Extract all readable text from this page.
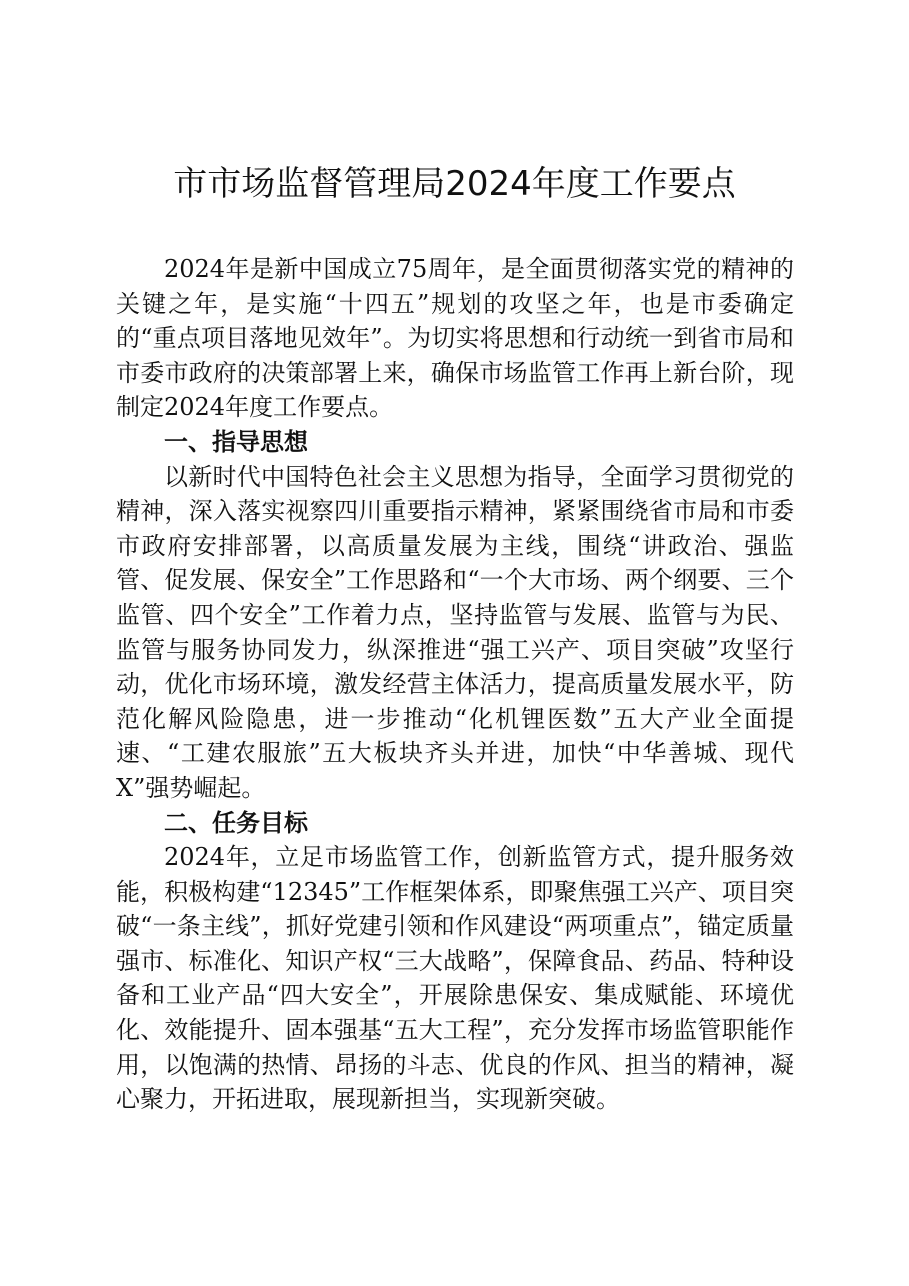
市市场监督管理局2024年度工作要点

2024年是新中国成立75周年，是全面贯彻落实党的精神的关键之年，是实施“十四五”规划的攻坚之年，也是市委确定的“重点项目落地见效年”。为切实将思想和行动统一到省市局和市委市政府的决策部署上来，确保市场监管工作再上新台阶，现制定2024年度工作要点。

一、指导思想

以新时代中国特色社会主义思想为指导，全面学习贯彻党的精神，深入落实视察四川重要指示精神，紧紧围绕省市局和市委市政府安排部署，以高质量发展为主线，围绕“讲政治、强监管、促发展、保安全”工作思路和“一个大市场、两个纲要、三个监管、四个安全”工作着力点，坚持监管与发展、监管与为民、监管与服务协同发力，纵深推进“强工兴产、项目突破”攻坚行动，优化市场环境，激发经营主体活力，提高质量发展水平，防范化解风险隐患，进一步推动“化机锂医数”五大产业全面提速、“工建农服旅”五大板块齐头并进，加快“中华善城、现代X”强势崛起。

二、任务目标

2024年，立足市场监管工作，创新监管方式，提升服务效能，积极构建“12345”工作框架体系，即聚焦强工兴产、项目突破“一条主线”，抓好党建引领和作风建设“两项重点”，锚定质量强市、标准化、知识产权“三大战略”，保障食品、药品、特种设备和工业产品“四大安全”，开展除患保安、集成赋能、环境优化、效能提升、固本强基“五大工程”，充分发挥市场监管职能作用，以饱满的热情、昂扬的斗志、优良的作风、担当的精神，凝心聚力，开拓进取，展现新担当，实现新突破。
